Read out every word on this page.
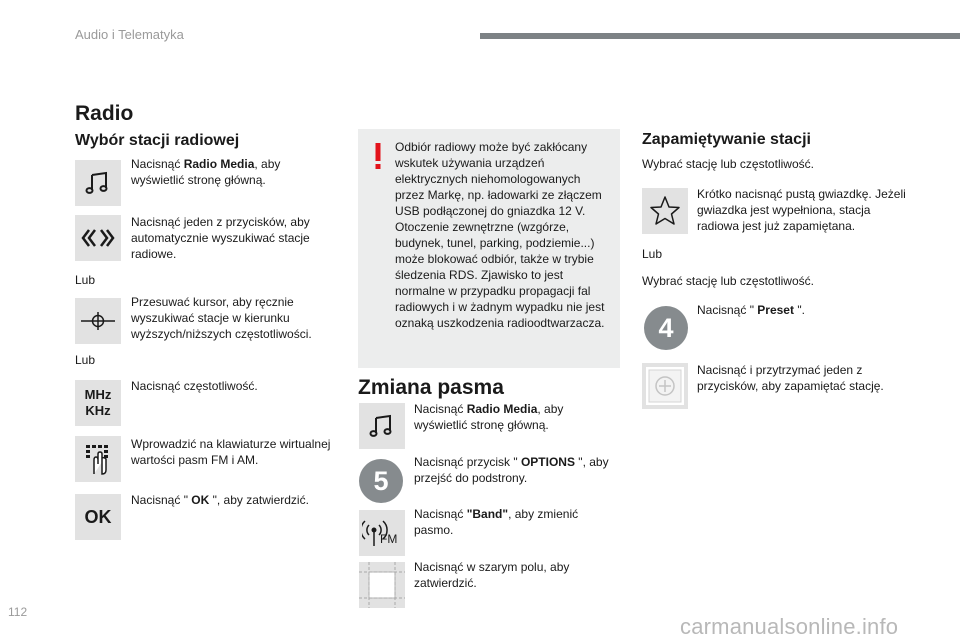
Audio i Telematyka
Radio
Wybór stacji radiowej
Nacisnąć Radio Media, aby wyświetlić stronę główną.
Nacisnąć jeden z przycisków, aby automatycznie wyszukiwać stacje radiowe.
Lub
Przesuwać kursor, aby ręcznie wyszukiwać stacje w kierunku wyższych/niższych częstotliwości.
Lub
MHz
KHz
Nacisnąć częstotliwość.
Wprowadzić na klawiaturze wirtualnej wartości pasm FM i AM.
OK
Nacisnąć " OK ", aby zatwierdzić.
Odbiór radiowy może być zakłócany wskutek używania urządzeń elektrycznych niehomologowanych przez Markę, np. ładowarki ze złączem USB podłączonej do gniazdka 12 V. Otoczenie zewnętrzne (wzgórze, budynek, tunel, parking, podziemie...) może blokować odbiór, także w trybie śledzenia RDS. Zjawisko to jest normalne w przypadku propagacji fal radiowych i w żadnym wypadku nie jest oznaką uszkodzenia radioodtwarzacza.
Zmiana pasma
Nacisnąć Radio Media, aby wyświetlić stronę główną.
5
Nacisnąć przycisk " OPTIONS ", aby przejść do podstrony.
FM
Nacisnąć "Band", aby zmienić pasmo.
Nacisnąć w szarym polu, aby zatwierdzić.
Zapamiętywanie stacji
Wybrać stację lub częstotliwość.
Krótko nacisnąć pustą gwiazdkę. Jeżeli gwiazdka jest wypełniona, stacja radiowa jest już zapamiętana.
Lub
Wybrać stację lub częstotliwość.
4
Nacisnąć " Preset ".
Nacisnąć i przytrzymać jeden z przycisków, aby zapamiętać stację.
112
carmanualsonline.info
